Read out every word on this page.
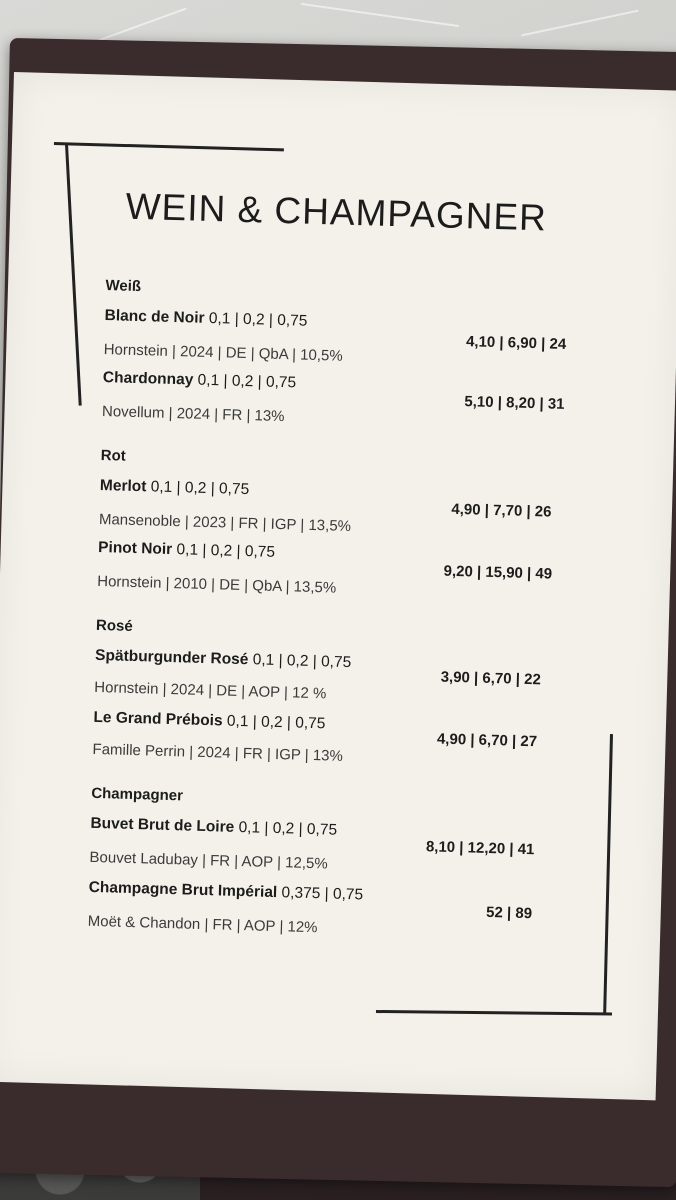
WEIN & CHAMPAGNER
Weiß
Blanc de Noir 0,1 | 0,2 | 0,75
4,10 | 6,90 | 24
Hornstein | 2024 | DE | QbA | 10,5%
Chardonnay 0,1 | 0,2 | 0,75
5,10 | 8,20 | 31
Novellum | 2024 | FR | 13%
Rot
Merlot 0,1 | 0,2 | 0,75
4,90 | 7,70 | 26
Mansenoble | 2023 | FR | IGP | 13,5%
Pinot Noir 0,1 | 0,2 | 0,75
9,20 | 15,90 | 49
Hornstein | 2010 | DE | QbA | 13,5%
Rosé
Spätburgunder Rosé 0,1 | 0,2 | 0,75
3,90 | 6,70 | 22
Hornstein | 2024 | DE | AOP | 12 %
Le Grand Prébois 0,1 | 0,2 | 0,75
4,90 | 6,70 | 27
Famille Perrin | 2024 | FR | IGP | 13%
Champagner
Buvet Brut de Loire 0,1 | 0,2 | 0,75
8,10 | 12,20 | 41
Bouvet Ladubay | FR | AOP | 12,5%
Champagne Brut Impérial 0,375 | 0,75
52 | 89
Moët & Chandon | FR | AOP | 12%
